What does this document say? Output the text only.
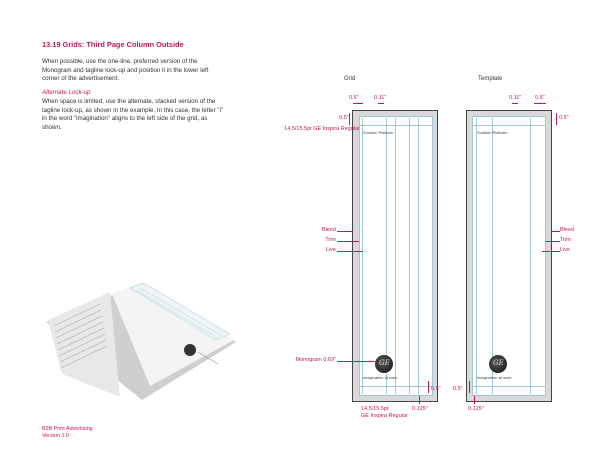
13.19 Grids: Third Page Column Outside
When possible, use the one-line, preferred version of the Monogram and tagline lock-up and position it in the lower left corner of the advertisement.
Alternate Lock-up
When space is limited, use the alternate, stacked version of the tagline lock-up, as shown in the example. In this case, the letter "i" in the word "imagination" aligns to the left side of the grid, as shown.
B2B Print Advertising
Version 1.0
Grid
Solution Platform
GE
imagination at work
0.5"	0.11"
0.5"
14.5/15.5pt GE Inspira Regular
Bleed
Trim
Live
Monogram 0.69"
0.5"
14.5/15.5pt
GE Inspira Regular
0.125"
Template
Solution Platform
GE
imagination at work
0.11"	0.5"
0.5"
Bleed
Trim
Live
0.5"
0.125"
